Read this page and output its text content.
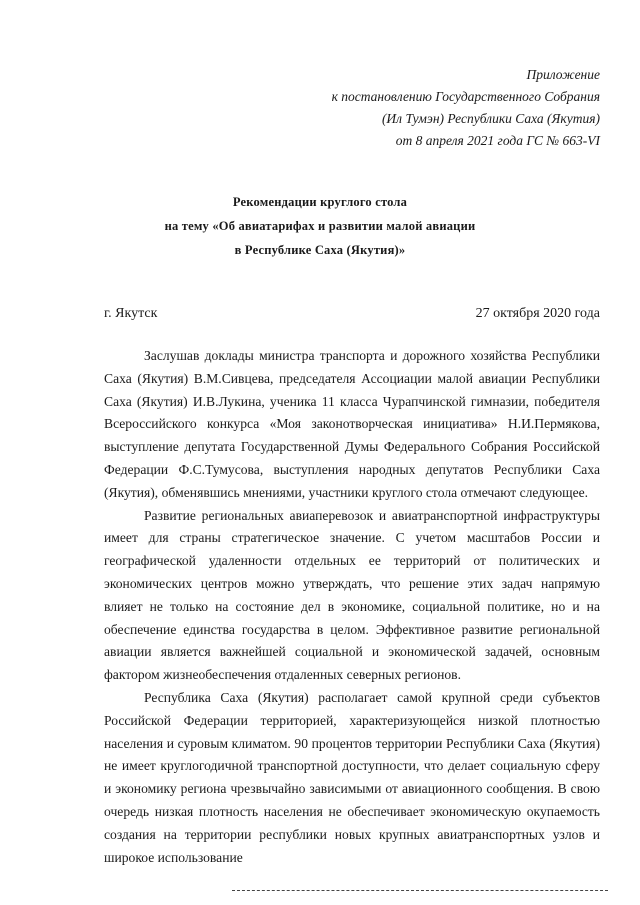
Приложение
к постановлению Государственного Собрания
(Ил Тумэн) Республики Саха (Якутия)
от 8 апреля 2021 года ГС № 663-VI
Рекомендации круглого стола
на тему «Об авиатарифах и развитии малой авиации
в Республике Саха (Якутия)»
г. Якутск	27 октября 2020 года

Заслушав доклады министра транспорта и дорожного хозяйства Республики Саха (Якутия) В.М.Сивцева, председателя Ассоциации малой авиации Республики Саха (Якутия) И.В.Лукина, ученика 11 класса Чурапчинской гимназии, победителя Всероссийского конкурса «Моя законотворческая инициатива» Н.И.Пермякова, выступление депутата Государственной Думы Федерального Собрания Российской Федерации Ф.С.Тумусова, выступления народных депутатов Республики Саха (Якутия), обменявшись мнениями, участники круглого стола отмечают следующее.

Развитие региональных авиаперевозок и авиатранспортной инфраструктуры имеет для страны стратегическое значение. С учетом масштабов России и географической удаленности отдельных ее территорий от политических и экономических центров можно утверждать, что решение этих задач напрямую влияет не только на состояние дел в экономике, социальной политике, но и на обеспечение единства государства в целом. Эффективное развитие региональной авиации является важнейшей социальной и экономической задачей, основным фактором жизнеобеспечения отдаленных северных регионов.

Республика Саха (Якутия) располагает самой крупной среди субъектов Российской Федерации территорией, характеризующейся низкой плотностью населения и суровым климатом. 90 процентов территории Республики Саха (Якутия) не имеет круглогодичной транспортной доступности, что делает социальную сферу и экономику региона чрезвычайно зависимыми от авиационного сообщения. В свою очередь низкая плотность населения не обеспечивает экономическую окупаемость создания на территории республики новых крупных авиатранспортных узлов и широкое использование
